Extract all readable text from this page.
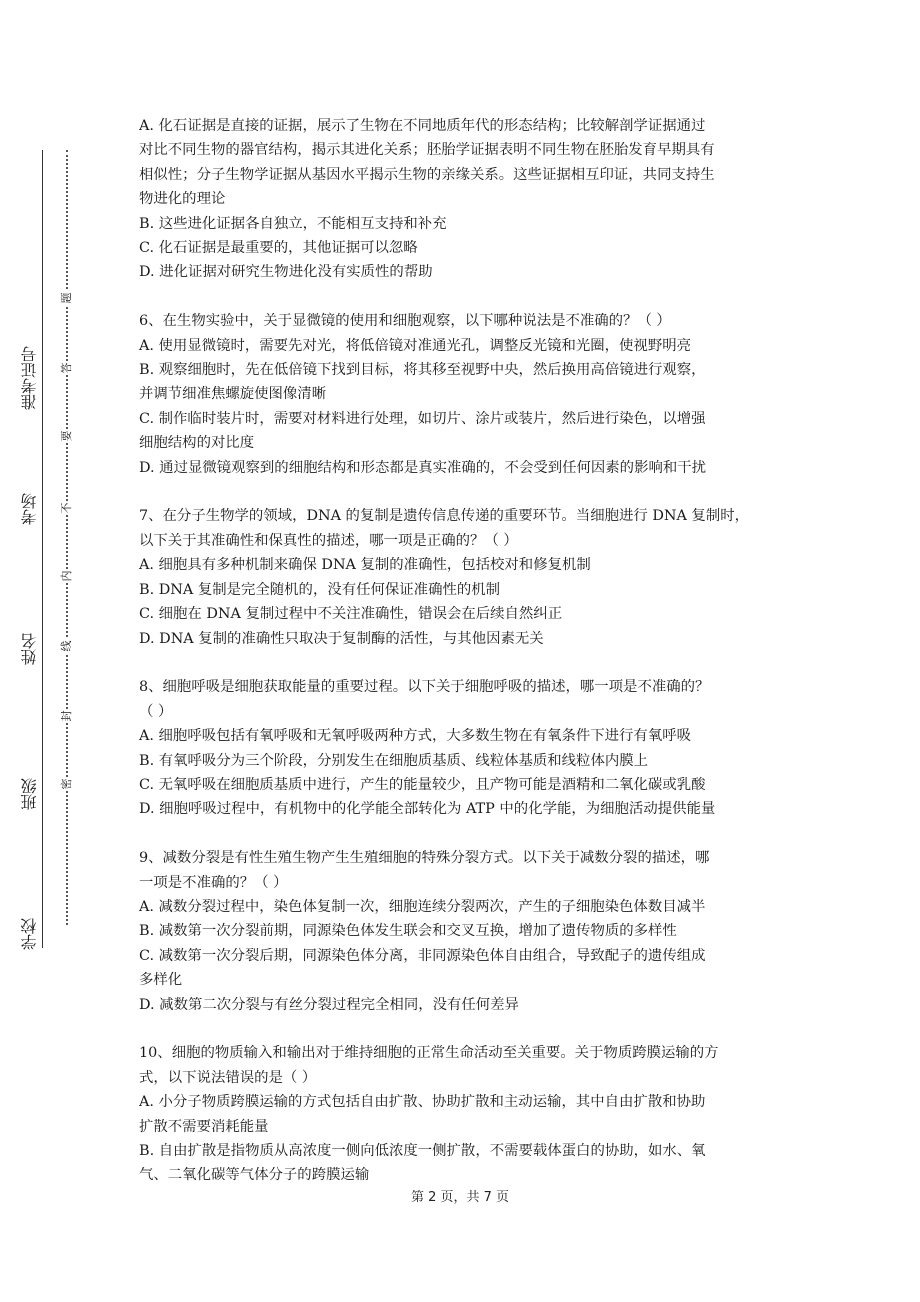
学校
班级
姓名
考场
准考证号
题
答
要
不
内
线
封
密

A. 化石证据是直接的证据，展示了生物在不同地质年代的形态结构；比较解剖学证据通过

对比不同生物的器官结构，揭示其进化关系；胚胎学证据表明不同生物在胚胎发育早期具有

相似性；分子生物学证据从基因水平揭示生物的亲缘关系。这些证据相互印证，共同支持生

物进化的理论

B. 这些进化证据各自独立，不能相互支持和补充

C. 化石证据是最重要的，其他证据可以忽略

D. 进化证据对研究生物进化没有实质性的帮助

6、在生物实验中，关于显微镜的使用和细胞观察，以下哪种说法是不准确的？（ ）

A. 使用显微镜时，需要先对光，将低倍镜对准通光孔，调整反光镜和光圈，使视野明亮

B. 观察细胞时，先在低倍镜下找到目标，将其移至视野中央，然后换用高倍镜进行观察，

并调节细准焦螺旋使图像清晰

C. 制作临时装片时，需要对材料进行处理，如切片、涂片或装片，然后进行染色，以增强

细胞结构的对比度

D. 通过显微镜观察到的细胞结构和形态都是真实准确的，不会受到任何因素的影响和干扰

7、在分子生物学的领域，DNA 的复制是遗传信息传递的重要环节。当细胞进行 DNA 复制时，

以下关于其准确性和保真性的描述，哪一项是正确的？（ ）

A. 细胞具有多种机制来确保 DNA 复制的准确性，包括校对和修复机制

B. DNA 复制是完全随机的，没有任何保证准确性的机制

C. 细胞在 DNA 复制过程中不关注准确性，错误会在后续自然纠正

D. DNA 复制的准确性只取决于复制酶的活性，与其他因素无关

8、细胞呼吸是细胞获取能量的重要过程。以下关于细胞呼吸的描述，哪一项是不准确的？

（ ）

A. 细胞呼吸包括有氧呼吸和无氧呼吸两种方式，大多数生物在有氧条件下进行有氧呼吸

B. 有氧呼吸分为三个阶段，分别发生在细胞质基质、线粒体基质和线粒体内膜上

C. 无氧呼吸在细胞质基质中进行，产生的能量较少，且产物可能是酒精和二氧化碳或乳酸

D. 细胞呼吸过程中，有机物中的化学能全部转化为 ATP 中的化学能，为细胞活动提供能量

9、减数分裂是有性生殖生物产生生殖细胞的特殊分裂方式。以下关于减数分裂的描述，哪

一项是不准确的？（ ）

A. 减数分裂过程中，染色体复制一次，细胞连续分裂两次，产生的子细胞染色体数目减半

B. 减数第一次分裂前期，同源染色体发生联会和交叉互换，增加了遗传物质的多样性

C. 减数第一次分裂后期，同源染色体分离，非同源染色体自由组合，导致配子的遗传组成

多样化

D. 减数第二次分裂与有丝分裂过程完全相同，没有任何差异

10、细胞的物质输入和输出对于维持细胞的正常生命活动至关重要。关于物质跨膜运输的方

式，以下说法错误的是（ ）

A. 小分子物质跨膜运输的方式包括自由扩散、协助扩散和主动运输，其中自由扩散和协助

扩散不需要消耗能量

B. 自由扩散是指物质从高浓度一侧向低浓度一侧扩散，不需要载体蛋白的协助，如水、氧

气、二氧化碳等气体分子的跨膜运输

第 2 页，共 7 页
